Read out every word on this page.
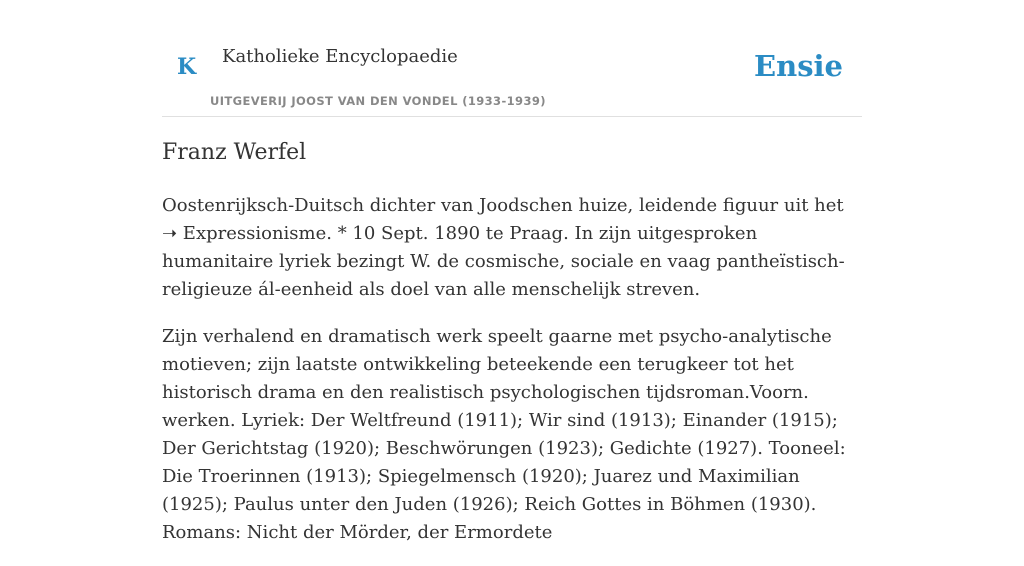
K Katholieke Encyclopaedie
UITGEVERIJ JOOST VAN DEN VONDEL (1933-1939)
Ensie
Franz Werfel

Oostenrijksch-Duitsch dichter van Joodschen huize, leidende figuur uit het ➝ Expressionisme. * 10 Sept. 1890 te Praag. In zijn uitgesproken humanitaire lyriek bezingt W. de cosmische, sociale en vaag pantheïstisch-religieuze ál-eenheid als doel van alle menschelijk streven.

Zijn verhalend en dramatisch werk speelt gaarne met psycho-analytische motieven; zijn laatste ontwikkeling beteekende een terugkeer tot het historisch drama en den realistisch psychologischen tijdsroman.Voorn. werken. Lyriek: Der Weltfreund (1911); Wir sind (1913); Einander (1915); Der Gerichtstag (1920); Beschwörungen (1923); Gedichte (1927). Tooneel: Die Troerinnen (1913); Spiegelmensch (1920); Juarez und Maximilian (1925); Paulus unter den Juden (1926); Reich Gottes in Böhmen (1930). Romans: Nicht der Mörder, der Ermordete
